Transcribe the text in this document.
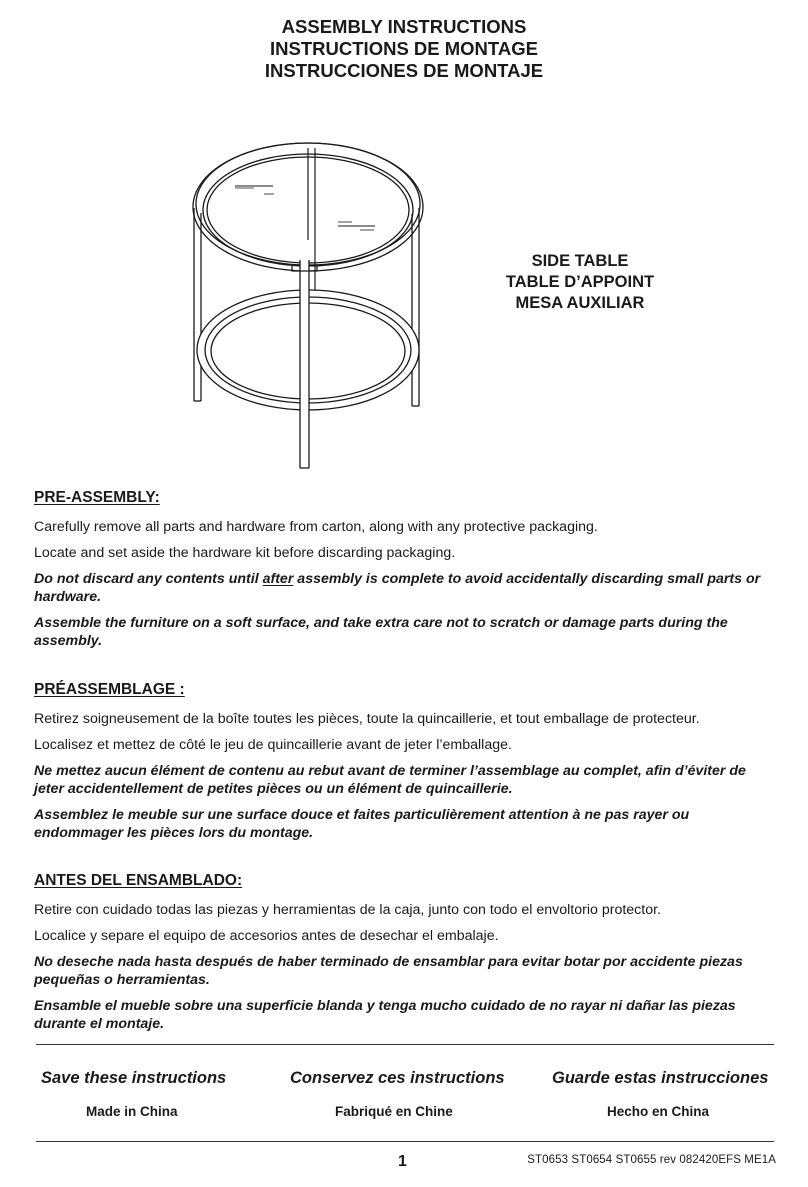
ASSEMBLY INSTRUCTIONS
INSTRUCTIONS DE MONTAGE
INSTRUCCIONES DE MONTAJE
SIDE TABLE
TABLE D’APPOINT
MESA AUXILIAR
PRE-ASSEMBLY:
Carefully remove all parts and hardware from carton, along with any protective packaging.
Locate and set aside the hardware kit before discarding packaging.
Do not discard any contents until after assembly is complete to avoid accidentally discarding small parts or hardware.
Assemble the furniture on a soft surface, and take extra care not to scratch or damage parts during the assembly.
PRÉASSEMBLAGE :
Retirez soigneusement de la boîte toutes les pièces, toute la quincaillerie, et tout emballage de protecteur.
Localisez et mettez de côté le jeu de quincaillerie avant de jeter l’emballage.
Ne mettez aucun élément de contenu au rebut avant de terminer l’assemblage au complet, afin d’éviter de jeter accidentellement de petites pièces ou un élément de quincaillerie.
Assemblez le meuble sur une surface douce et faites particulièrement attention à ne pas rayer ou endommager les pièces lors du montage.
ANTES DEL ENSAMBLADO:
Retire con cuidado todas las piezas y herramientas de la caja, junto con todo el envoltorio protector.
Localice y separe el equipo de accesorios antes de desechar el embalaje.
No deseche nada hasta después de haber terminado de ensamblar para evitar botar por accidente piezas pequeñas o herramientas.
Ensamble el mueble sobre una superficie blanda y tenga mucho cuidado de no rayar ni dañar las piezas durante el montaje.
Save these instructions	Conservez ces instructions	Guarde estas instrucciones
Made in China	Fabriqué en Chine	Hecho en China
1	ST0653 ST0654 ST0655 rev 082420EFS ME1A
